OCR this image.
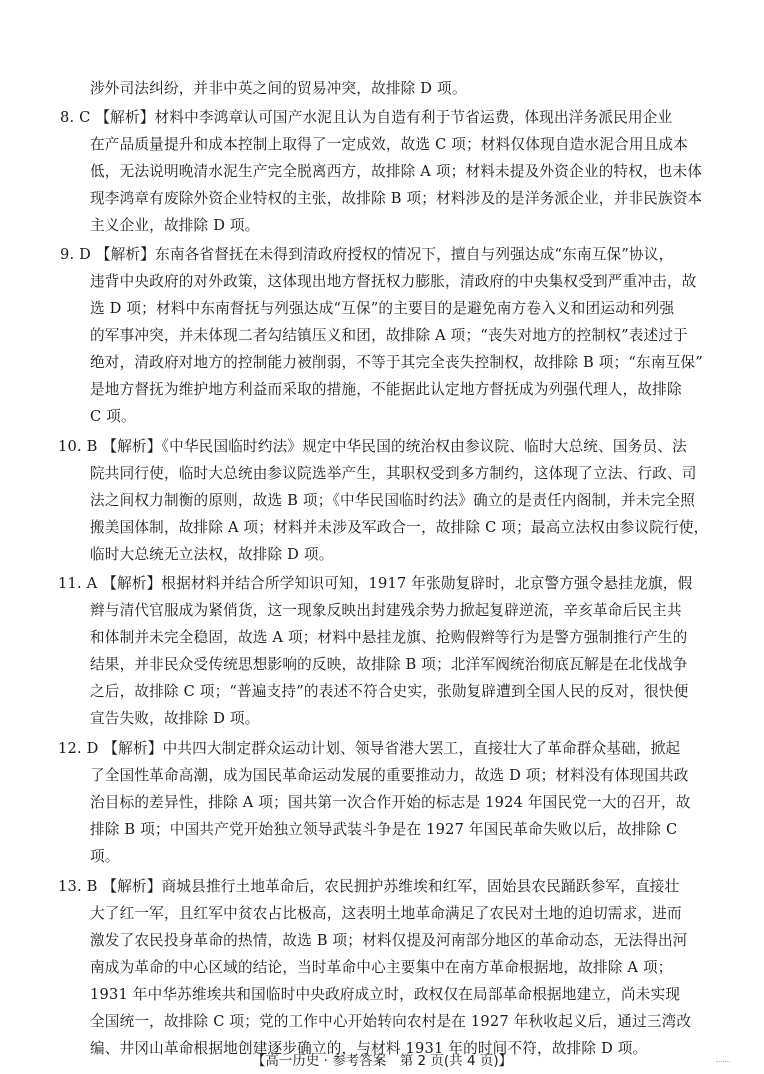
涉外司法纠纷，并非中英之间的贸易冲突，故排除 D 项。
8. C 【解析】材料中李鸿章认可国产水泥且认为自造有利于节省运费，体现出洋务派民用企业
在产品质量提升和成本控制上取得了一定成效，故选 C 项；材料仅体现自造水泥合用且成本
低，无法说明晚清水泥生产完全脱离西方，故排除 A 项；材料未提及外资企业的特权，也未体
现李鸿章有废除外资企业特权的主张，故排除 B 项；材料涉及的是洋务派企业，并非民族资本
主义企业，故排除 D 项。
9. D 【解析】东南各省督抚在未得到清政府授权的情况下，擅自与列强达成“东南互保”协议，
违背中央政府的对外政策，这体现出地方督抚权力膨胀，清政府的中央集权受到严重冲击，故
选 D 项；材料中东南督抚与列强达成“互保”的主要目的是避免南方卷入义和团运动和列强
的军事冲突，并未体现二者勾结镇压义和团，故排除 A 项；“丧失对地方的控制权”表述过于
绝对，清政府对地方的控制能力被削弱，不等于其完全丧失控制权，故排除 B 项；“东南互保”
是地方督抚为维护地方利益而采取的措施，不能据此认定地方督抚成为列强代理人，故排除
C 项。
10. B 【解析】《中华民国临时约法》规定中华民国的统治权由参议院、临时大总统、国务员、法
院共同行使，临时大总统由参议院选举产生，其职权受到多方制约，这体现了立法、行政、司
法之间权力制衡的原则，故选 B 项；《中华民国临时约法》确立的是责任内阁制，并未完全照
搬美国体制，故排除 A 项；材料并未涉及军政合一，故排除 C 项；最高立法权由参议院行使，
临时大总统无立法权，故排除 D 项。
11. A 【解析】根据材料并结合所学知识可知，1917 年张勋复辟时，北京警方强令悬挂龙旗，假
辫与清代官服成为紧俏货，这一现象反映出封建残余势力掀起复辟逆流，辛亥革命后民主共
和体制并未完全稳固，故选 A 项；材料中悬挂龙旗、抢购假辫等行为是警方强制推行产生的
结果，并非民众受传统思想影响的反映，故排除 B 项；北洋军阀统治彻底瓦解是在北伐战争
之后，故排除 C 项；“普遍支持”的表述不符合史实，张勋复辟遭到全国人民的反对，很快便
宣告失败，故排除 D 项。
12. D 【解析】中共四大制定群众运动计划、领导省港大罢工，直接壮大了革命群众基础，掀起
了全国性革命高潮，成为国民革命运动发展的重要推动力，故选 D 项；材料没有体现国共政
治目标的差异性，排除 A 项；国共第一次合作开始的标志是 1924 年国民党一大的召开，故
排除 B 项；中国共产党开始独立领导武装斗争是在 1927 年国民革命失败以后，故排除 C
项。
13. B 【解析】商城县推行土地革命后，农民拥护苏维埃和红军，固始县农民踊跃参军，直接壮
大了红一军，且红军中贫农占比极高，这表明土地革命满足了农民对土地的迫切需求，进而
激发了农民投身革命的热情，故选 B 项；材料仅提及河南部分地区的革命动态，无法得出河
南成为革命的中心区域的结论，当时革命中心主要集中在南方革命根据地，故排除 A 项；
1931 年中华苏维埃共和国临时中央政府成立时，政权仅在局部革命根据地建立，尚未实现
全国统一，故排除 C 项；党的工作中心开始转向农村是在 1927 年秋收起义后，通过三湾改
编、井冈山革命根据地创建逐步确立的，与材料 1931 年的时间不符，故排除 D 项。
【高一历史 · 参考答案　第 2 页(共 4 页)】
